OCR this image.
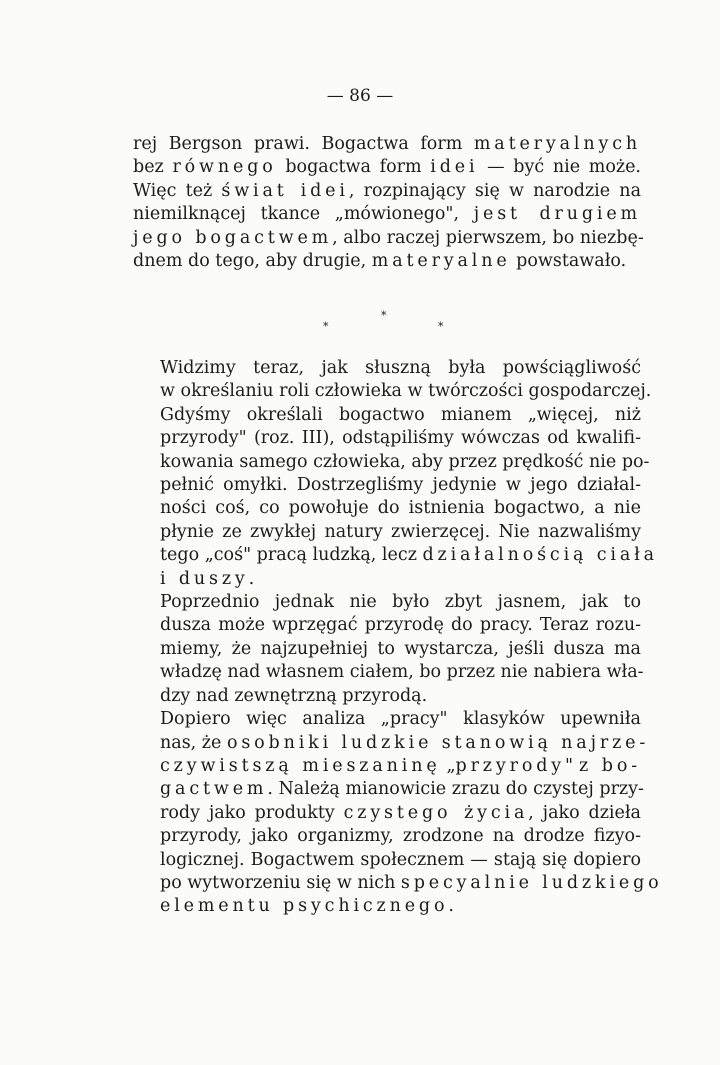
— 86 —

rej Bergson prawi. Bogactwa form materyalnych
bez równego bogactwa form idei — być nie może.
Więc też świat idei, rozpinający się w narodzie na
niemilknącej tkance „mówionego", jest drugiem
jego bogactwem, albo raczej pierwszem, bo niezbę-
dnem do tego, aby drugie, materyalne powstawało.

*
*	*

Widzimy teraz, jak słuszną była powściągliwość
w określaniu roli człowieka w twórczości gospodarczej.

Gdyśmy określali bogactwo mianem „więcej, niż
przyrody" (roz. III), odstąpiliśmy wówczas od kwalifi-
kowania samego człowieka, aby przez prędkość nie po-
pełnić omyłki. Dostrzegliśmy jedynie w jego działal-
ności coś, co powołuje do istnienia bogactwo, a nie
płynie ze zwykłej natury zwierzęcej. Nie nazwaliśmy
tego „coś" pracą ludzką, lecz działalnością ciała
i duszy.

Poprzednio jednak nie było zbyt jasnem, jak to
dusza może wprzęgać przyrodę do pracy. Teraz rozu-
miemy, że najzupełniej to wystarcza, jeśli dusza ma
władzę nad własnem ciałem, bo przez nie nabiera wła-
dzy nad zewnętrzną przyrodą.

Dopiero więc analiza „pracy" klasyków upewniła
nas, że osobniki ludzkie stanowią najrze-
czywistszą mieszaninę „przyrody" z bo-
gactwem. Należą mianowicie zrazu do czystej przy-
rody jako produkty czystego życia, jako dzieła
przyrody, jako organizmy, zrodzone na drodze fizyo-
logicznej. Bogactwem społecznem — stają się dopiero
po wytworzeniu się w nich specyalnie ludzkiego
elementu psychicznego.
